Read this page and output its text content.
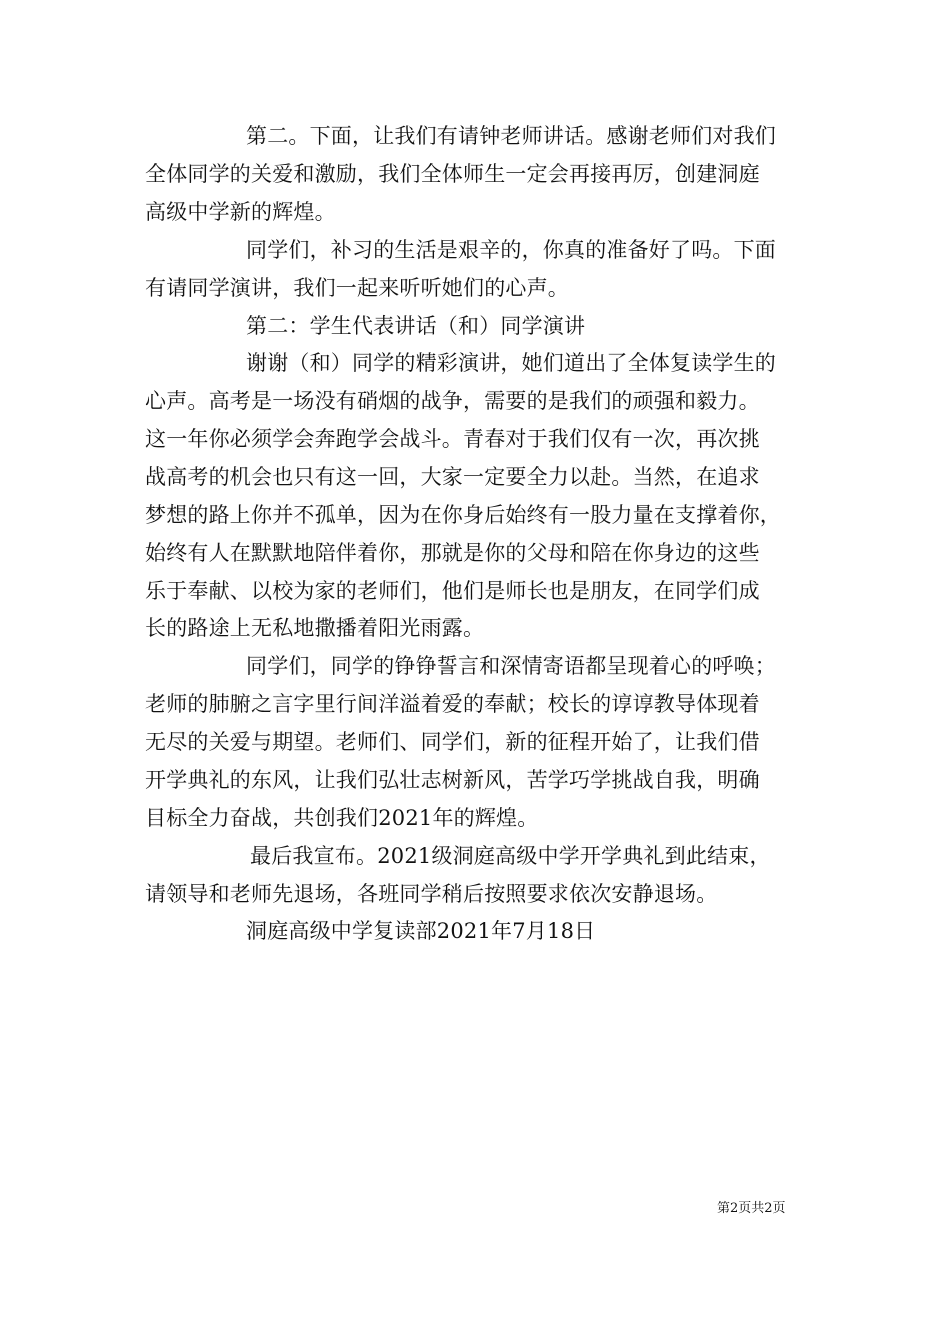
第二。下面，让我们有请钟老师讲话。感谢老师们对我们
全体同学的关爱和激励，我们全体师生一定会再接再厉，创建洞庭
高级中学新的辉煌。
同学们，补习的生活是艰辛的，你真的准备好了吗。下面
有请同学演讲，我们一起来听听她们的心声。
第二：学生代表讲话（和）同学演讲
谢谢（和）同学的精彩演讲，她们道出了全体复读学生的
心声。高考是一场没有硝烟的战争，需要的是我们的顽强和毅力。
这一年你必须学会奔跑学会战斗。青春对于我们仅有一次，再次挑
战高考的机会也只有这一回，大家一定要全力以赴。当然，在追求
梦想的路上你并不孤单，因为在你身后始终有一股力量在支撑着你，
始终有人在默默地陪伴着你，那就是你的父母和陪在你身边的这些
乐于奉献、以校为家的老师们，他们是师长也是朋友，在同学们成
长的路途上无私地撒播着阳光雨露。
同学们，同学的铮铮誓言和深情寄语都呈现着心的呼唤；
老师的肺腑之言字里行间洋溢着爱的奉献；校长的谆谆教导体现着
无尽的关爱与期望。老师们、同学们，新的征程开始了，让我们借
开学典礼的东风，让我们弘壮志树新风，苦学巧学挑战自我，明确
目标全力奋战，共创我们2021年的辉煌。
最后我宣布。2021级洞庭高级中学开学典礼到此结束，
请领导和老师先退场，各班同学稍后按照要求依次安静退场。
洞庭高级中学复读部2021年7月18日
第2页共2页
